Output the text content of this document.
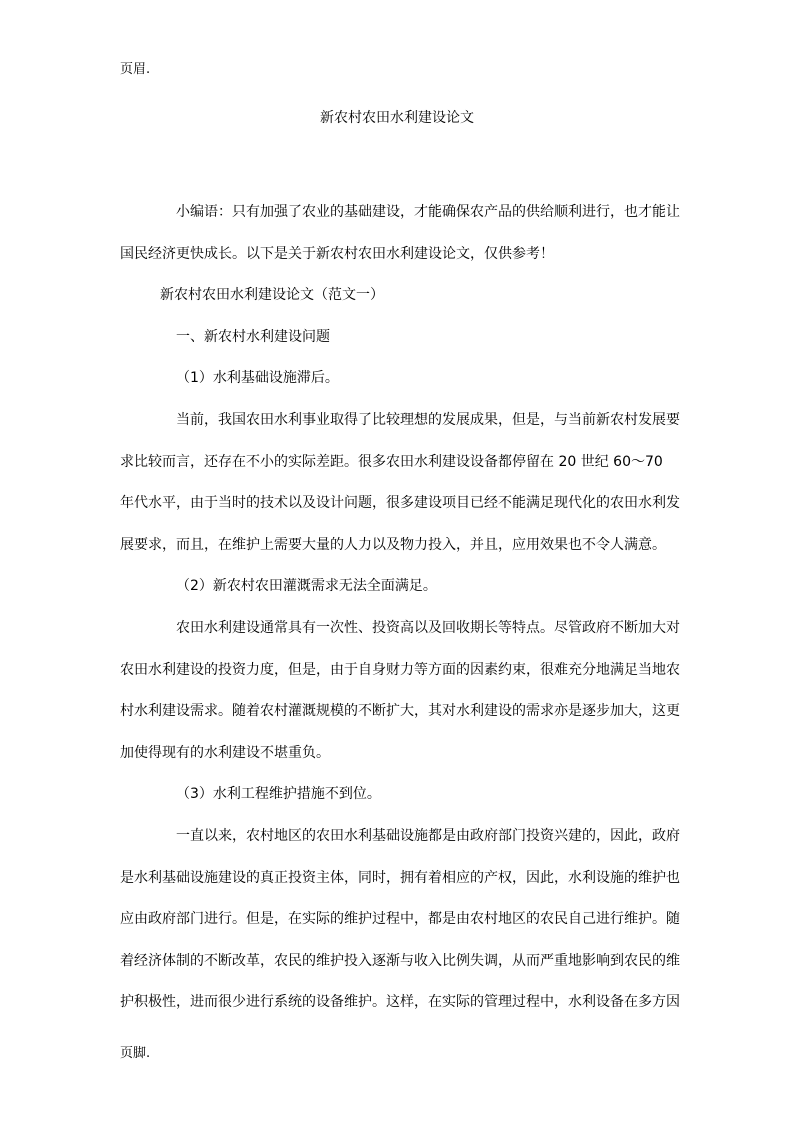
页眉.
新农村农田水利建设论文

小编语：只有加强了农业的基础建设，才能确保农产品的供给顺利进行，也才能让国民经济更快成长。以下是关于新农村农田水利建设论文，仅供参考！

新农村农田水利建设论文（范文一）

一、新农村水利建设问题

（1）水利基础设施滞后。

当前，我国农田水利事业取得了比较理想的发展成果，但是，与当前新农村发展要求比较而言，还存在不小的实际差距。很多农田水利建设设备都停留在 20 世纪 60～70 年代水平，由于当时的技术以及设计问题，很多建设项目已经不能满足现代化的农田水利发展要求，而且，在维护上需要大量的人力以及物力投入，并且，应用效果也不令人满意。

（2）新农村农田灌溉需求无法全面满足。

农田水利建设通常具有一次性、投资高以及回收期长等特点。尽管政府不断加大对农田水利建设的投资力度，但是，由于自身财力等方面的因素约束，很难充分地满足当地农村水利建设需求。随着农村灌溉规模的不断扩大，其对水利建设的需求亦是逐步加大，这更加使得现有的水利建设不堪重负。

（3）水利工程维护措施不到位。

一直以来，农村地区的农田水利基础设施都是由政府部门投资兴建的，因此，政府是水利基础设施建设的真正投资主体，同时，拥有着相应的产权，因此，水利设施的维护也应由政府部门进行。但是，在实际的维护过程中，都是由农村地区的农民自己进行维护。随着经济体制的不断改革，农民的维护投入逐渐与收入比例失调，从而严重地影响到农民的维护积极性，进而很少进行系统的设备维护。这样，在实际的管理过程中，水利设备在多方因

页脚.
